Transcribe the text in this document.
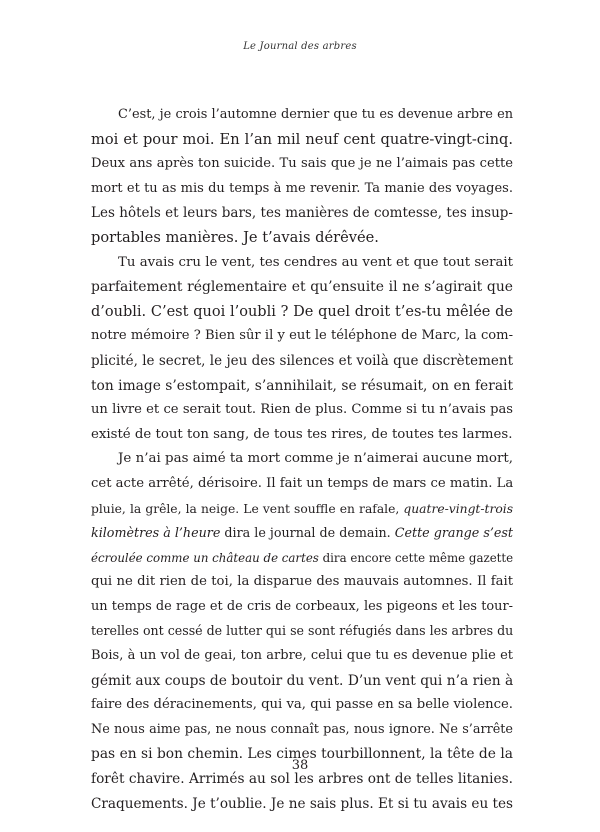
Le Journal des arbres
C’est, je crois l’automne dernier que tu es devenue arbre en
moi et pour moi. En l’an mil neuf cent quatre-vingt-cinq.
Deux ans après ton suicide. Tu sais que je ne l’aimais pas cette
mort et tu as mis du temps à me revenir. Ta manie des voyages.
Les hôtels et leurs bars, tes manières de comtesse, tes insup-
portables manières. Je t’avais dérêvée.
Tu avais cru le vent, tes cendres au vent et que tout serait
parfaitement réglementaire et qu’ensuite il ne s’agirait que
d’oubli. C’est quoi l’oubli ? De quel droit t’es-tu mêlée de
notre mémoire ? Bien sûr il y eut le téléphone de Marc, la com-
plicité, le secret, le jeu des silences et voilà que discrètement
ton image s’estompait, s’annihilait, se résumait, on en ferait
un livre et ce serait tout. Rien de plus. Comme si tu n’avais pas
existé de tout ton sang, de tous tes rires, de toutes tes larmes.
Je n’ai pas aimé ta mort comme je n’aimerai aucune mort,
cet acte arrêté, dérisoire. Il fait un temps de mars ce matin. La
pluie, la grêle, la neige. Le vent souffle en rafale, quatre-vingt-trois
kilomètres à l’heure dira le journal de demain. Cette grange s’est
écroulée comme un château de cartes dira encore cette même gazette
qui ne dit rien de toi, la disparue des mauvais automnes. Il fait
un temps de rage et de cris de corbeaux, les pigeons et les tour-
terelles ont cessé de lutter qui se sont réfugiés dans les arbres du
Bois, à un vol de geai, ton arbre, celui que tu es devenue plie et
gémit aux coups de boutoir du vent. D’un vent qui n’a rien à
faire des déracinements, qui va, qui passe en sa belle violence.
Ne nous aime pas, ne nous connaît pas, nous ignore. Ne s’arrête
pas en si bon chemin. Les cimes tourbillonnent, la tête de la
forêt chavire. Arrimés au sol les arbres ont de telles litanies.
Craquements. Je t’oublie. Je ne sais plus. Et si tu avais eu tes
38
